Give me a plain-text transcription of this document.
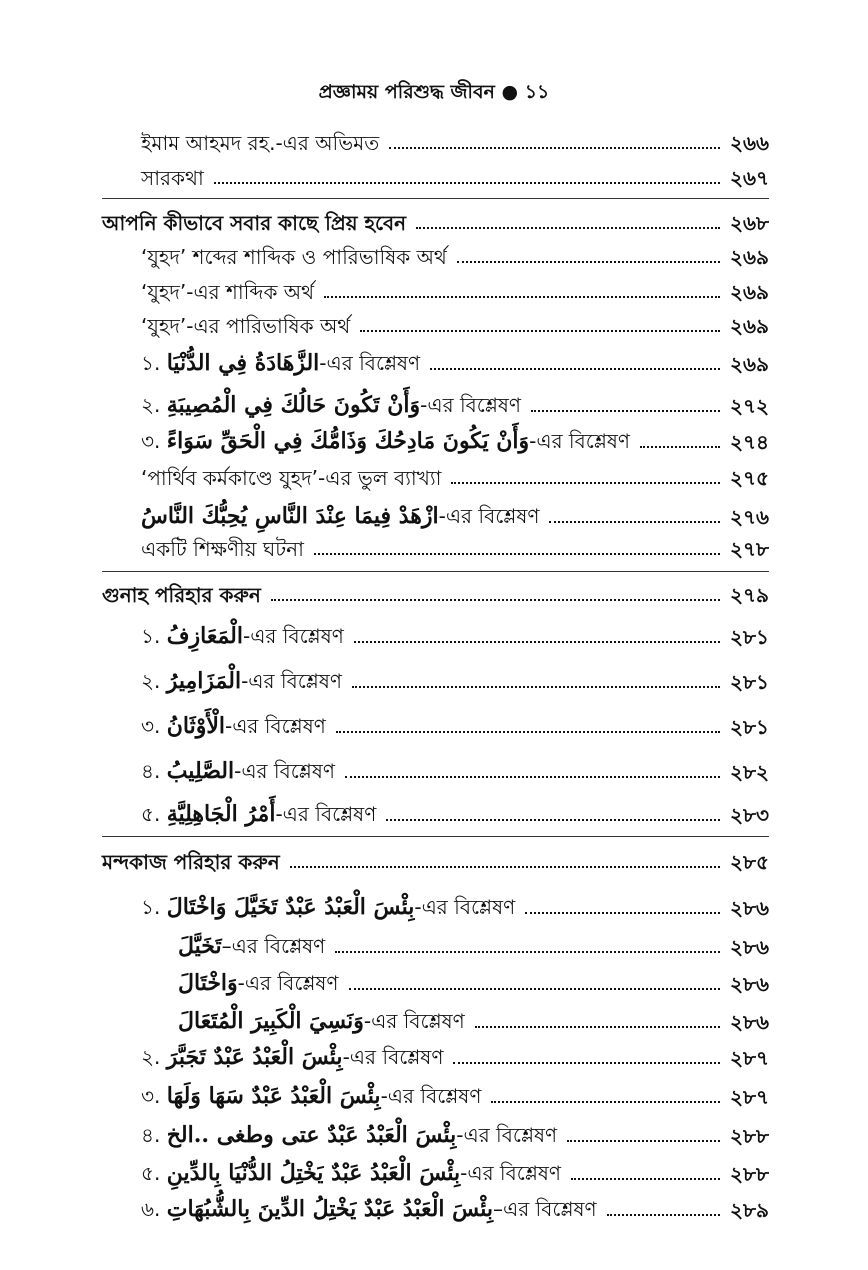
প্রজ্ঞাময় পরিশুদ্ধ জীবন ● ১১
ইমাম আহমদ রহ.-এর অভিমত	২৬৬
সারকথা	২৬৭
আপনি কীভাবে সবার কাছে প্রিয় হবেন	২৬৮
‘যুহদ’ শব্দের শাব্দিক ও পারিভাষিক অর্থ	২৬৯
‘যুহদ’-এর শাব্দিক অর্থ	২৬৯
‘যুহদ’-এর পারিভাষিক অর্থ	২৬৯
১. الزَّهَادَةُ فِي الدُّنْيَا-এর বিশ্লেষণ	২৬৯
২. وَأَنْ تَكُونَ حَالُكَ فِي الْمُصِيبَةِ-এর বিশ্লেষণ	২৭২
৩. وَأَنْ يَكُونَ مَادِحُكَ وَذَامُّكَ فِي الْحَقِّ سَوَاءً-এর বিশ্লেষণ	২৭৪
‘পার্থিব কর্মকাণ্ডে যুহদ’-এর ভুল ব্যাখ্যা	২৭৫
ازْهَدْ فِيمَا عِنْدَ النَّاسِ يُحِبُّكَ النَّاسُ-এর বিশ্লেষণ	২৭৬
একটি শিক্ষণীয় ঘটনা	২৭৮
গুনাহ পরিহার করুন	২৭৯
১. الْمَعَازِفُ-এর বিশ্লেষণ	২৮১
২. الْمَزَامِيرُ-এর বিশ্লেষণ	২৮১
৩. الْأَوْثَانُ-এর বিশ্লেষণ	২৮১
৪. الصَّلِيبُ-এর বিশ্লেষণ	২৮২
৫. أَمْرُ الْجَاهِلِيَّةِ-এর বিশ্লেষণ	২৮৩
মন্দকাজ পরিহার করুন	২৮৫
১. بِئْسَ الْعَبْدُ عَبْدٌ تَخَيَّلَ وَاخْتَالَ-এর বিশ্লেষণ	২৮৬
تَخَيَّلَ–এর বিশ্লেষণ	২৮৬
وَاخْتَالَ-এর বিশ্লেষণ	২৮৬
وَنَسِيَ الْكَبِيرَ الْمُتَعَالَ-এর বিশ্লেষণ	২৮৬
২. بِئْسَ الْعَبْدُ عَبْدٌ تَجَبَّرَ-এর বিশ্লেষণ	২৮৭
৩. بِئْسَ الْعَبْدُ عَبْدٌ سَهَا وَلَهَا-এর বিশ্লেষণ	২৮৭
৪. بِئْسَ الْعَبْدُ عَبْدٌ عتى وطغى ..الخ-এর বিশ্লেষণ	২৮৮
৫. بِئْسَ الْعَبْدُ عَبْدٌ يَخْتِلُ الدُّنْيَا بِالدِّينِ-এর বিশ্লেষণ	২৮৮
৬. بِئْسَ الْعَبْدُ عَبْدٌ يَخْتِلُ الدِّينَ بِالشُّبُهَاتِ–এর বিশ্লেষণ	২৮৯
